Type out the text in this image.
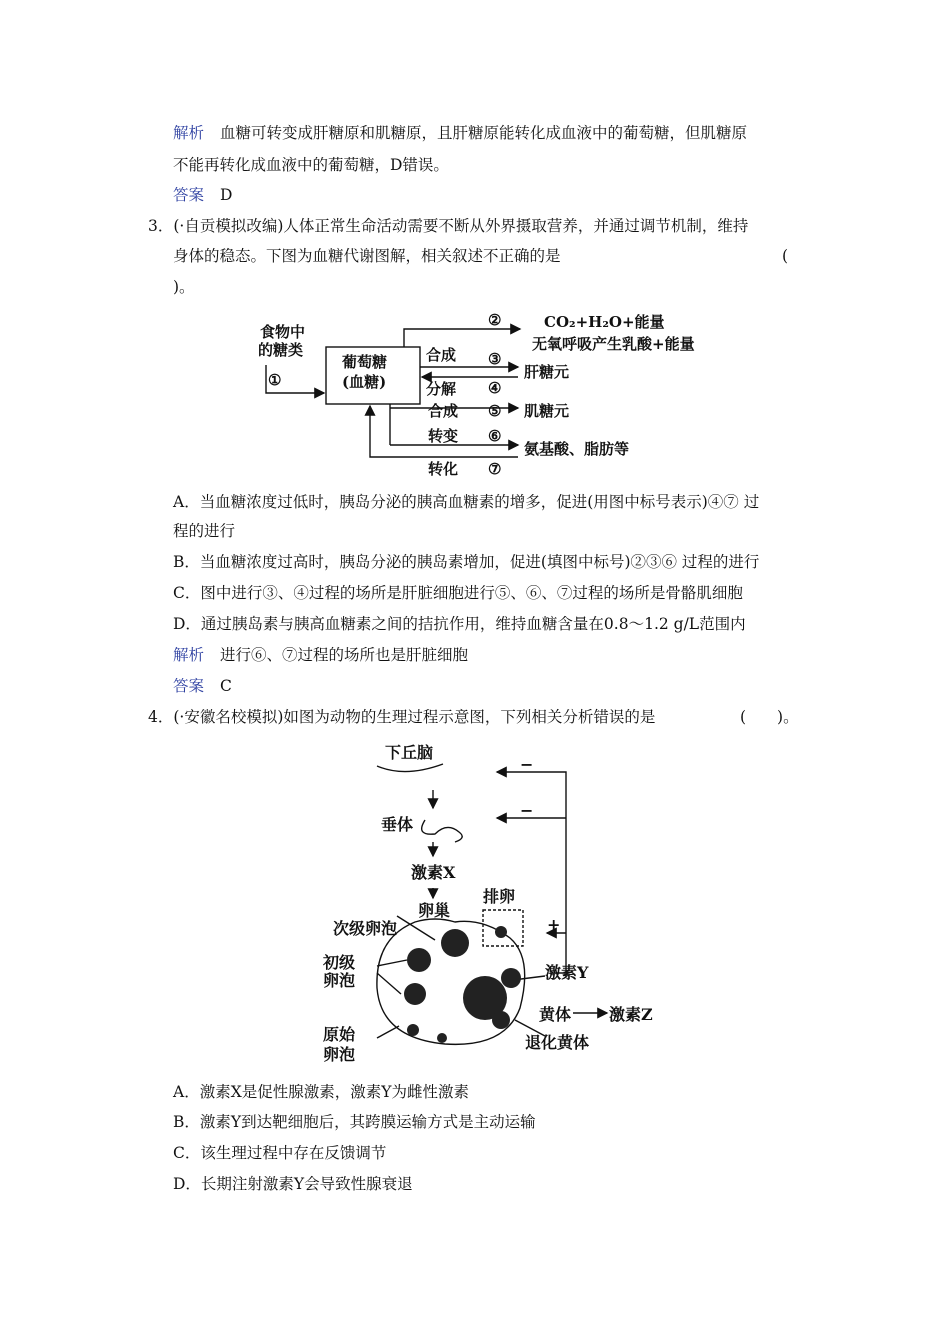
解析 血糖可转变成肝糖原和肌糖原，且肝糖原能转化成血液中的葡萄糖，但肌糖原
不能再转化成血液中的葡萄糖，D错误。
答案 D
3．(·自贡模拟改编)人体正常生命活动需要不断从外界摄取营养，并通过调节机制，维持
身体的稳态。下图为血糖代谢图解，相关叙述不正确的是	(
)。
食物中
的糖类
①
葡萄糖
(血糖)
②	CO₂+H₂O+能量
无氧呼吸产生乳酸+能量
合成 ③
肝糖元
分解 ④
合成 ⑤ 肌糖元
转变 ⑥
氨基酸、脂肪等
转化 ⑦
A．当血糖浓度过低时，胰岛分泌的胰高血糖素的增多，促进(用图中标号表示)④⑦ 过
程的进行
B．当血糖浓度过高时，胰岛分泌的胰岛素增加，促进(填图中标号)②③⑥ 过程的进行
C．图中进行③、④过程的场所是肝脏细胞进行⑤、⑥、⑦过程的场所是骨骼肌细胞
D．通过胰岛素与胰高血糖素之间的拮抗作用，维持血糖含量在0.8～1.2 g/L范围内
解析 进行⑥、⑦过程的场所也是肝脏细胞
答案 C
4．(·安徽名校模拟)如图为动物的生理过程示意图，下列相关分析错误的是	(　　)。
下丘脑
−
垂体
−
激素X
排卵
卵巢
次级卵泡	+
初级
卵泡	激素Y
黄体 激素Z
原始
卵泡
退化黄体
A．激素X是促性腺激素，激素Y为雌性激素
B．激素Y到达靶细胞后，其跨膜运输方式是主动运输
C．该生理过程中存在反馈调节
D．长期注射激素Y会导致性腺衰退
